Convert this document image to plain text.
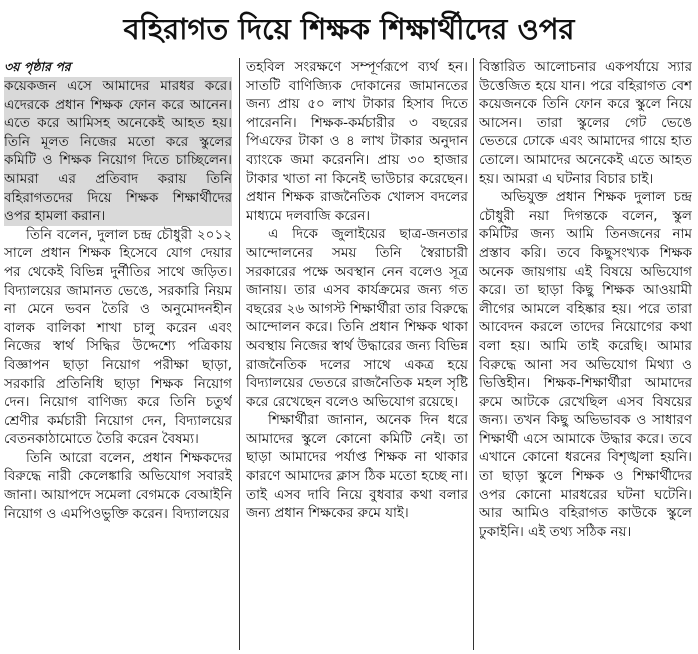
বহিরাগত দিয়ে শিক্ষক শিক্ষার্থীদের ওপর
৩য় পৃষ্ঠার পর

কয়েকজন এসে আমাদের মারধর করে। এদেরকে প্রধান শিক্ষক ফোন করে আনেন। এতে করে আমিসহ অনেকেই আহত হয়। তিনি মূলত নিজের মতো করে স্কুলের কমিটি ও শিক্ষক নিয়োগ দিতে চাচ্ছিলেন। আমরা এর প্রতিবাদ করায় তিনি বহিরাগতদের দিয়ে শিক্ষক শিক্ষার্থীদের ওপর হামলা করান।

তিনি বলেন, দুলাল চন্দ্র চৌধুরী ২০১২ সালে প্রধান শিক্ষক হিসেবে যোগ দেয়ার পর থেকেই বিভিন্ন দুর্নীতির সাথে জড়িত। বিদ্যালয়ের জামানত ভেঙে, সরকারি নিয়ম না মেনে ভবন তৈরি ও অনুমোদনহীন বালক বালিকা শাখা চালু করেন এবং নিজের স্বার্থ সিদ্ধির উদ্দেশ্যে পত্রিকায় বিজ্ঞাপন ছাড়া নিয়োগ পরীক্ষা ছাড়া, সরকারি প্রতিনিধি ছাড়া শিক্ষক নিয়োগ দেন। নিয়োগ বাণিজ্য করে তিনি চতুর্থ শ্রেণীর কর্মচারী নিয়োগ দেন, বিদ্যালয়ের বেতনকাঠামোতে তৈরি করেন বৈষম্য।

তিনি আরো বলেন, প্রধান শিক্ষকদের বিরুদ্ধে নারী কেলেঙ্কারি অভিযোগ সবারই জানা। আয়াপদে সমেলা বেগমকে বেআইনি নিয়োগ ও এমপিওভুক্তি করেন। বিদ্যালয়ের

তহবিল সংরক্ষণে সম্পূর্ণরূপে ব্যর্থ হন। সাতটি বাণিজ্যিক দোকানের জামানতের জন্য প্রায় ৫০ লাখ টাকার হিসাব দিতে পারেননি। শিক্ষক-কর্মচারীর ৩ বছরের পিএফের টাকা ও ৪ লাখ টাকার অনুদান ব্যাংকে জমা করেননি। প্রায় ৩০ হাজার টাকার খাতা না কিনেই ভাউচার করেছেন। প্রধান শিক্ষক রাজনৈতিক খোলস বদলের মাধ্যমে দলবাজি করেন।

এ দিকে জুলাইয়ের ছাত্র-জনতার আন্দোলনের সময় তিনি স্বৈরাচারী সরকারের পক্ষে অবস্থান নেন বলেও সূত্র জানায়। তার এসব কার্যক্রমের জন্য গত বছরের ২৬ আগস্ট শিক্ষার্থীরা তার বিরুদ্ধে আন্দোলন করে। তিনি প্রধান শিক্ষক থাকা অবস্থায় নিজের স্বার্থ উদ্ধারের জন্য বিভিন্ন রাজনৈতিক দলের সাথে একত্র হয়ে বিদ্যালয়ের ভেতরে রাজনৈতিক মহল সৃষ্টি করে রেখেছেন বলেও অভিযোগ রয়েছে।

শিক্ষার্থীরা জানান, অনেক দিন ধরে আমাদের স্কুলে কোনো কমিটি নেই। তা ছাড়া আমাদের পর্যাপ্ত শিক্ষক না থাকার কারণে আমাদের ক্লাস ঠিক মতো হচ্ছে না। তাই এসব দাবি নিয়ে বুধবার কথা বলার জন্য প্রধান শিক্ষকের রুমে যাই।

বিস্তারিত আলোচনার একপর্যায়ে স্যার উত্তেজিত হয়ে যান। পরে বহিরাগত বেশ কয়েজনকে তিনি ফোন করে স্কুলে নিয়ে আসেন। তারা স্কুলের গেট ভেঙে ভেতরে ঢোকে এবং আমাদের গায়ে হাত তোলে। আমাদের অনেকেই এতে আহত হয়। আমরা এ ঘটনার বিচার চাই।

অভিযুক্ত প্রধান শিক্ষক দুলাল চন্দ্র চৌধুরী নয়া দিগন্তকে বলেন, স্কুল কমিটির জন্য আমি তিনজনের নাম প্রস্তাব করি। তবে কিছুসংখ্যক শিক্ষক অনেক জায়গায় এই বিষয়ে অভিযোগ করে। তা ছাড়া কিছু শিক্ষক আওয়ামী লীগের আমলে বহিষ্কার হয়। পরে তারা আবেদন করলে তাদের নিয়োগের কথা বলা হয়। আমি তাই করেছি। আমার বিরুদ্ধে আনা সব অভিযোগ মিথ্যা ও ভিত্তিহীন। শিক্ষক-শিক্ষার্থীরা আমাদের রুমে আটকে রেখেছিল এসব বিষয়ের জন্য। তখন কিছু অভিভাবক ও সাধারণ শিক্ষার্থী এসে আমাকে উদ্ধার করে। তবে এখানে কোনো ধরনের বিশৃঙ্খলা হয়নি। তা ছাড়া স্কুলে শিক্ষক ও শিক্ষার্থীদের ওপর কোনো মারধরের ঘটনা ঘটেনি। আর আমিও বহিরাগত কাউকে স্কুলে ঢুকাইনি। এই তথ্য সঠিক নয়।
